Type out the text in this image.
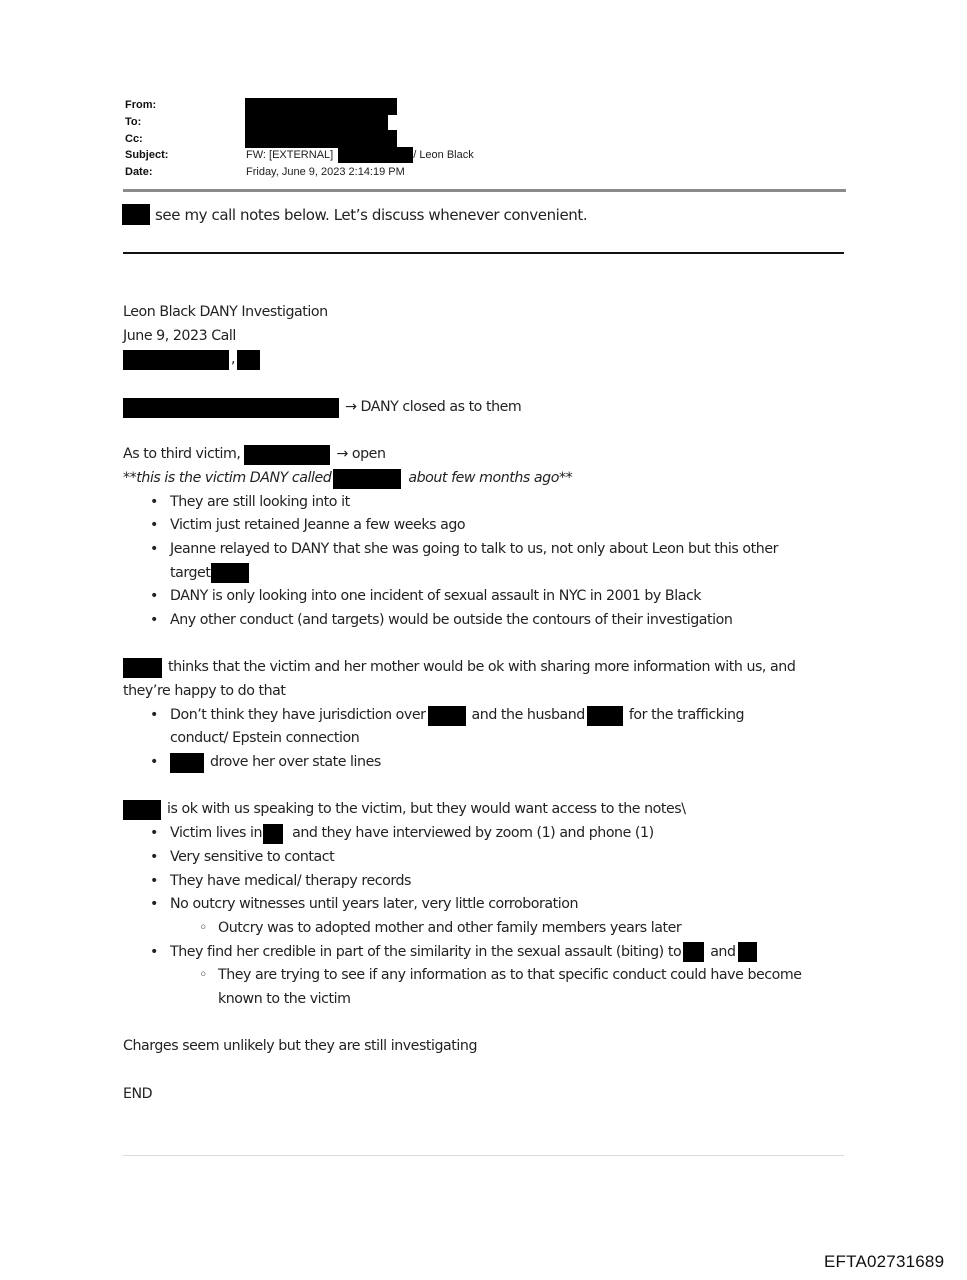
From:
To:
Cc:
Subject:	FW: [EXTERNAL]	/ Leon Black
Date:	Friday, June 9, 2023 2:14:19 PM
see my call notes below. Let’s discuss whenever convenient.
Leon Black DANY Investigation
June 9, 2023 Call
,
→ DANY closed as to them
As to third victim,	→ open
**this is the victim DANY called	about few months ago**
• They are still looking into it
• Victim just retained Jeanne a few weeks ago
• Jeanne relayed to DANY that she was going to talk to us, not only about Leon but this other
target
• DANY is only looking into one incident of sexual assault in NYC in 2001 by Black
• Any other conduct (and targets) would be outside the contours of their investigation
thinks that the victim and her mother would be ok with sharing more information with us, and
they’re happy to do that
• Don’t think they have jurisdiction over	and the husband	for the trafficking
conduct/ Epstein connection
• drove her over state lines
is ok with us speaking to the victim, but they would want access to the notes\
• Victim lives in and they have interviewed by zoom (1) and phone (1)
• Very sensitive to contact
• They have medical/ therapy records
• No outcry witnesses until years later, very little corroboration
◦ Outcry was to adopted mother and other family members years later
• They find her credible in part of the similarity in the sexual assault (biting) to and
◦ They are trying to see if any information as to that specific conduct could have become
known to the victim
Charges seem unlikely but they are still investigating
END
EFTA02731689
